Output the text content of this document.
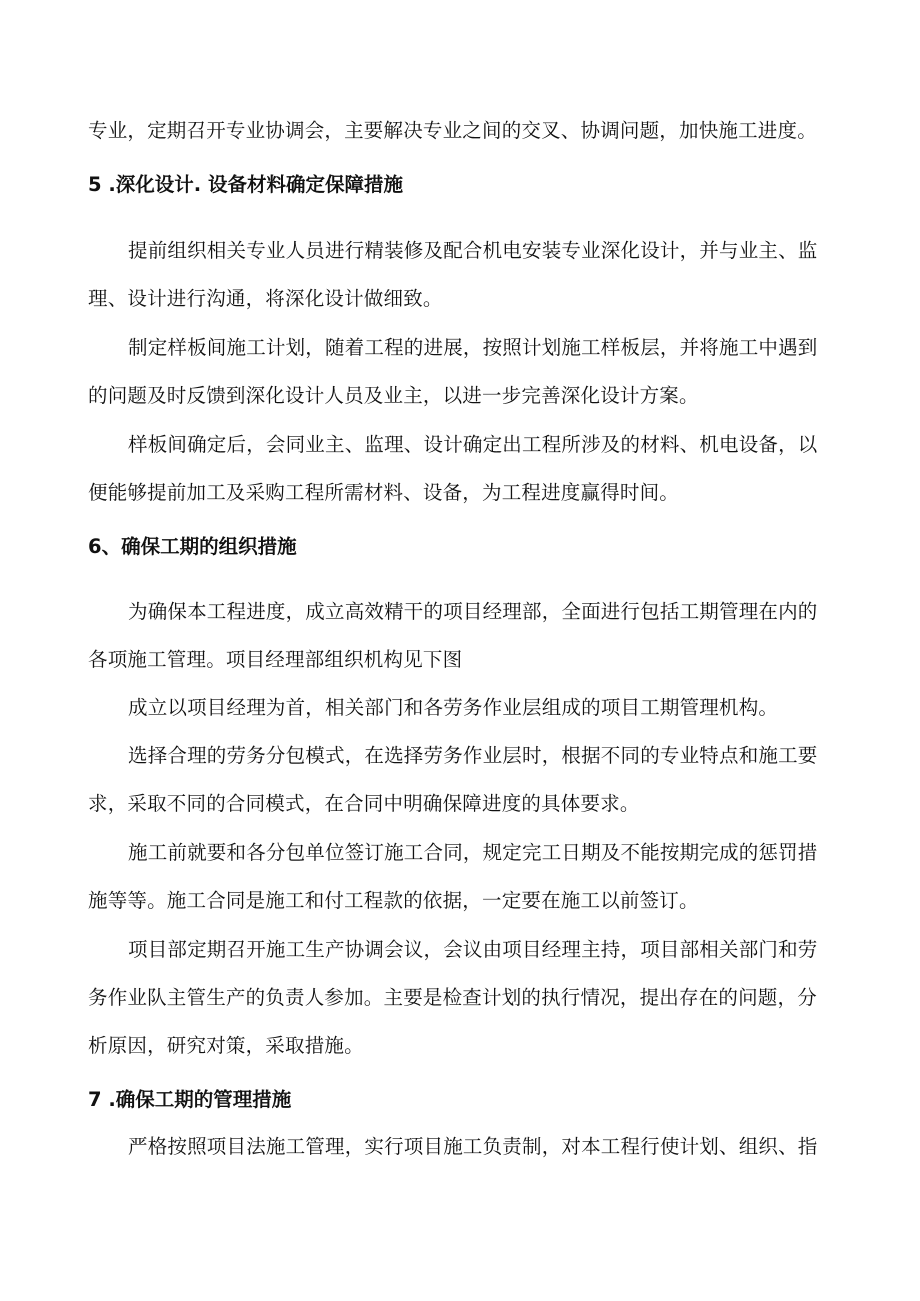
专业，定期召开专业协调会，主要解决专业之间的交叉、协调问题，加快施工进度。
5 .深化设计. 设备材料确定保障措施
提前组织相关专业人员进行精装修及配合机电安装专业深化设计，并与业主、监
理、设计进行沟通，将深化设计做细致。
制定样板间施工计划，随着工程的进展，按照计划施工样板层，并将施工中遇到
的问题及时反馈到深化设计人员及业主，以进一步完善深化设计方案。
样板间确定后，会同业主、监理、设计确定出工程所涉及的材料、机电设备，以
便能够提前加工及采购工程所需材料、设备，为工程进度赢得时间。
6、确保工期的组织措施
为确保本工程进度，成立高效精干的项目经理部，全面进行包括工期管理在内的
各项施工管理。项目经理部组织机构见下图
成立以项目经理为首，相关部门和各劳务作业层组成的项目工期管理机构。
选择合理的劳务分包模式，在选择劳务作业层时，根据不同的专业特点和施工要
求，采取不同的合同模式，在合同中明确保障进度的具体要求。
施工前就要和各分包单位签订施工合同，规定完工日期及不能按期完成的惩罚措
施等等。施工合同是施工和付工程款的依据，一定要在施工以前签订。
项目部定期召开施工生产协调会议，会议由项目经理主持，项目部相关部门和劳
务作业队主管生产的负责人参加。主要是检查计划的执行情况，提出存在的问题，分
析原因，研究对策，采取措施。
7 .确保工期的管理措施
严格按照项目法施工管理，实行项目施工负责制，对本工程行使计划、组织、指
